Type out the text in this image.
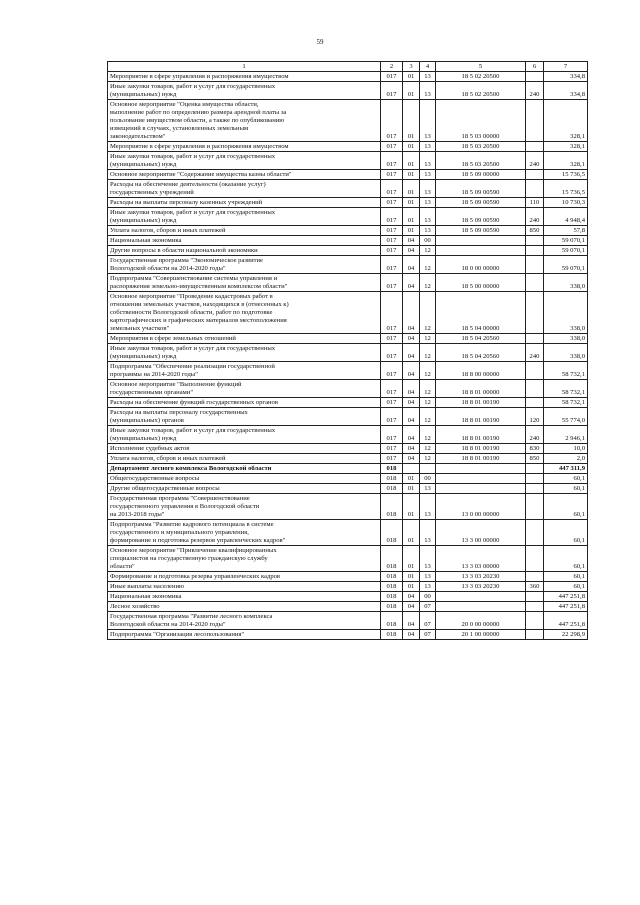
59
1	2	3	4	5	6	7
Мероприятие в сфере управления и распоряжения имуществом	017	01	13	18 5 02 20500		334,8
Иные закупки товаров, работ и услуг для государственных
(муниципальных) нужд	017	01	13	18 5 02 20500	240	334,8
Основное мероприятие "Оценка имущества области,
выполнение работ по определению размера арендной платы за
пользование имуществом области, а также по опубликованию
извещений в случаях, установленных земельным
законодательством"	017	01	13	18 5 03 00000		328,1
Мероприятие в сфере управления и распоряжения имуществом	017	01	13	18 5 03 20500		328,1
Иные закупки товаров, работ и услуг для государственных
(муниципальных) нужд	017	01	13	18 5 03 20500	240	328,1
Основное мероприятие "Содержание имущества казны области"	017	01	13	18 5 09 00000		15 736,5
Расходы на обеспечение деятельности (оказание услуг)
государственных учреждений	017	01	13	18 5 09 00590		15 736,5
Расходы на выплаты персоналу казенных учреждений	017	01	13	18 5 09 00590	110	10 730,3
Иные закупки товаров, работ и услуг для государственных
(муниципальных) нужд	017	01	13	18 5 09 00590	240	4 948,4
Уплата налогов, сборов и иных платежей	017	01	13	18 5 09 00590	850	57,8
Национальная экономика	017	04	00			59 070,1
Другие вопросы в области национальной экономики	017	04	12			59 070,1
Государственная программа "Экономическое развитие
Вологодской области на 2014-2020 годы"	017	04	12	18 0 00 00000		59 070,1
Подпрограмма "Совершенствование системы управления и
распоряжения земельно-имущественным комплексом области"	017	04	12	18 5 00 00000		338,0
Основное мероприятие "Проведение кадастровых работ в
отношении земельных участков, находящихся в (отнесенных к)
собственности Вологодской области, работ по подготовке
картографических и графических материалов местоположения
земельных участков"	017	04	12	18 5 04 00000		338,0
Мероприятия в сфере земельных отношений	017	04	12	18 5 04 20560		338,0
Иные закупки товаров, работ и услуг для государственных
(муниципальных) нужд	017	04	12	18 5 04 20560	240	338,0
Подпрограмма "Обеспечение реализации государственной
программы на 2014-2020 годы"	017	04	12	18 8 00 00000		58 732,1
Основное мероприятие "Выполнение функций
государственными органами"	017	04	12	18 8 01 00000		58 732,1
Расходы на обеспечение функций государственных органов	017	04	12	18 8 01 00190		58 732,1
Расходы на выплаты персоналу государственных
(муниципальных) органов	017	04	12	18 8 01 00190	120	55 774,0
Иные закупки товаров, работ и услуг для государственных
(муниципальных) нужд	017	04	12	18 8 01 00190	240	2 946,1
Исполнение судебных актов	017	04	12	18 8 01 00190	830	10,0
Уплата налогов, сборов и иных платежей	017	04	12	18 8 01 00190	850	2,0
Департамент лесного комплекса Вологодской области	018					447 311,9
Общегосударственные вопросы	018	01	00			60,1
Другие общегосударственные вопросы	018	01	13			60,1
Государственная программа "Совершенствование
государственного управления в Вологодской области
на 2013-2018 годы"	018	01	13	13 0 00 00000		60,1
Подпрограмма "Развитие кадрового потенциала в системе
государственного и муниципального управления,
формирование и подготовка резервов управленческих кадров"	018	01	13	13 3 00 00000		60,1
Основное мероприятие "Привлечение квалифицированных
специалистов на государственную гражданскую службу
области"	018	01	13	13 3 03 00000		60,1
Формирование и подготовка резерва управленческих кадров	018	01	13	13 3 03 20230		60,1
Иные выплаты населению	018	01	13	13 3 03 20230	360	60,1
Национальная экономика	018	04	00			447 251,8
Лесное хозяйство	018	04	07			447 251,8
Государственная программа "Развитие лесного комплекса
Вологодской области на 2014-2020 годы"	018	04	07	20 0 00 00000		447 251,8
Подпрограмма "Организация лесопользования"	018	04	07	20 1 00 00000		22 298,9
